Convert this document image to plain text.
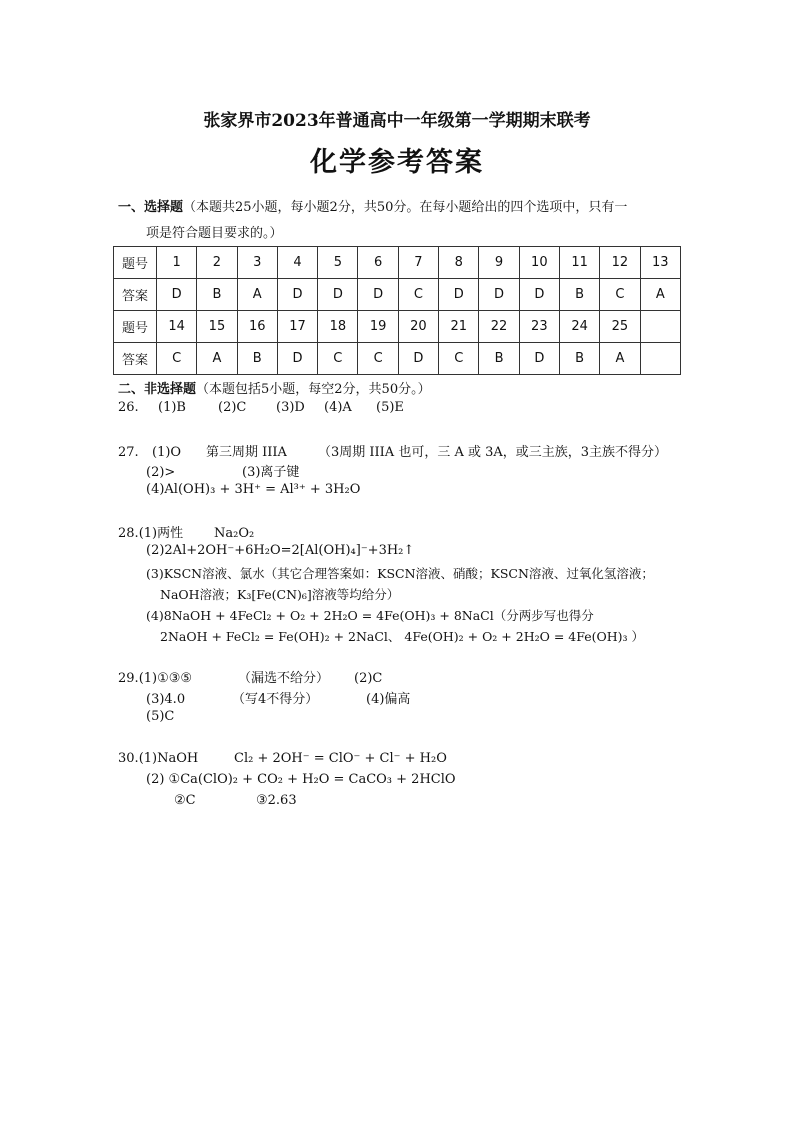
张家界市2023年普通高中一年级第一学期期末联考
化学参考答案
一、选择题（本题共25小题，每小题2分，共50分。在每小题给出的四个选项中，只有一
项是符合题目要求的。）
题号	1	2	3	4	5	6	7	8	9	10	11	12	13
答案	D	B	A	D	D	D	C	D	D	D	B	C	A
题号	14	15	16	17	18	19	20	21	22	23	24	25	
答案	C	A	B	D	C	C	D	C	B	D	B	A	
二、非选择题（本题包括5小题，每空2分，共50分。）
26. (1)B (2)C (3)D (4)A (5)E
27. (1)O 第三周期 IIIA （3周期 IIIA 也可，三 A 或 3A，或三主族，3主族不得分）
(2)>	(3)离子键
(4)Al(OH)₃ + 3H⁺ = Al³⁺ + 3H₂O
28.(1)两性 Na₂O₂
(2)2Al+2OH⁻+6H₂O=2[Al(OH)₄]⁻+3H₂↑
(3)KSCN溶液、氯水（其它合理答案如：KSCN溶液、硝酸；KSCN溶液、过氧化氢溶液；
NaOH溶液；K₃[Fe(CN)₆]溶液等均给分）
(4)8NaOH + 4FeCl₂ + O₂ + 2H₂O = 4Fe(OH)₃ + 8NaCl（分两步写也得分
2NaOH + FeCl₂ = Fe(OH)₂ + 2NaCl、 4Fe(OH)₂ + O₂ + 2H₂O = 4Fe(OH)₃ ）
29.(1)①③⑤	（漏选不给分） (2)C
(3)4.0	（写4不得分）	(4)偏高
(5)C
30.(1)NaOH	Cl₂ + 2OH⁻ = ClO⁻ + Cl⁻ + H₂O
(2) ①Ca(ClO)₂ + CO₂ + H₂O = CaCO₃ + 2HClO
②C	③2.63
